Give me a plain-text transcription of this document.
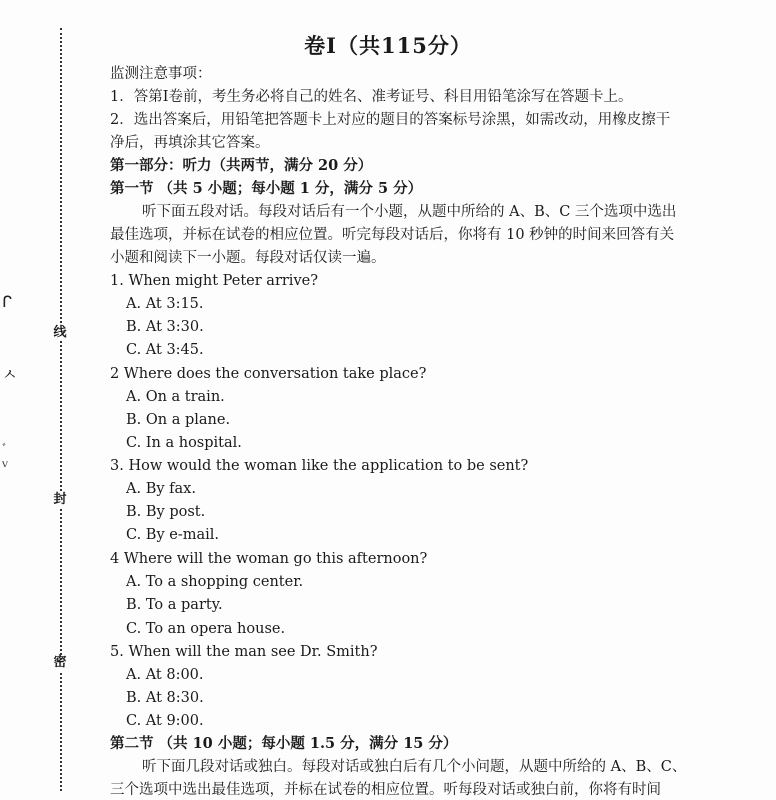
线
封
密
ᒋ
ㅅ
ﾞ
ⱽ
卷Ⅰ（共115分）
监测注意事项：
1．答第Ⅰ卷前，考生务必将自己的姓名、准考证号、科目用铅笔涂写在答题卡上。
2．选出答案后，用铅笔把答题卡上对应的题目的答案标号涂黑，如需改动，用橡皮擦干
净后，再填涂其它答案。
第一部分：听力（共两节，满分 20 分）
第一节 （共 5 小题；每小题 1 分，满分 5 分）
听下面五段对话。每段对话后有一个小题，从题中所给的 A、B、C 三个选项中选出
最佳选项，并标在试卷的相应位置。听完每段对话后，你将有 10 秒钟的时间来回答有关
小题和阅读下一小题。每段对话仅读一遍。
1. When might Peter arrive?
A. At 3:15.
B. At 3:30.
C. At 3:45.
2 Where does the conversation take place?
A. On a train.
B. On a plane.
C. In a hospital.
3. How would the woman like the application to be sent?
A. By fax.
B. By post.
C. By e-mail.
4 Where will the woman go this afternoon?
A. To a shopping center.
B. To a party.
C. To an opera house.
5. When will the man see Dr. Smith?
A. At 8:00.
B. At 8:30.
C. At 9:00.
第二节 （共 10 小题；每小题 1.5 分，满分 15 分）
听下面几段对话或独白。每段对话或独白后有几个小问题，从题中所给的 A、B、C、
三个选项中选出最佳选项，并标在试卷的相应位置。听每段对话或独白前，你将有时间
